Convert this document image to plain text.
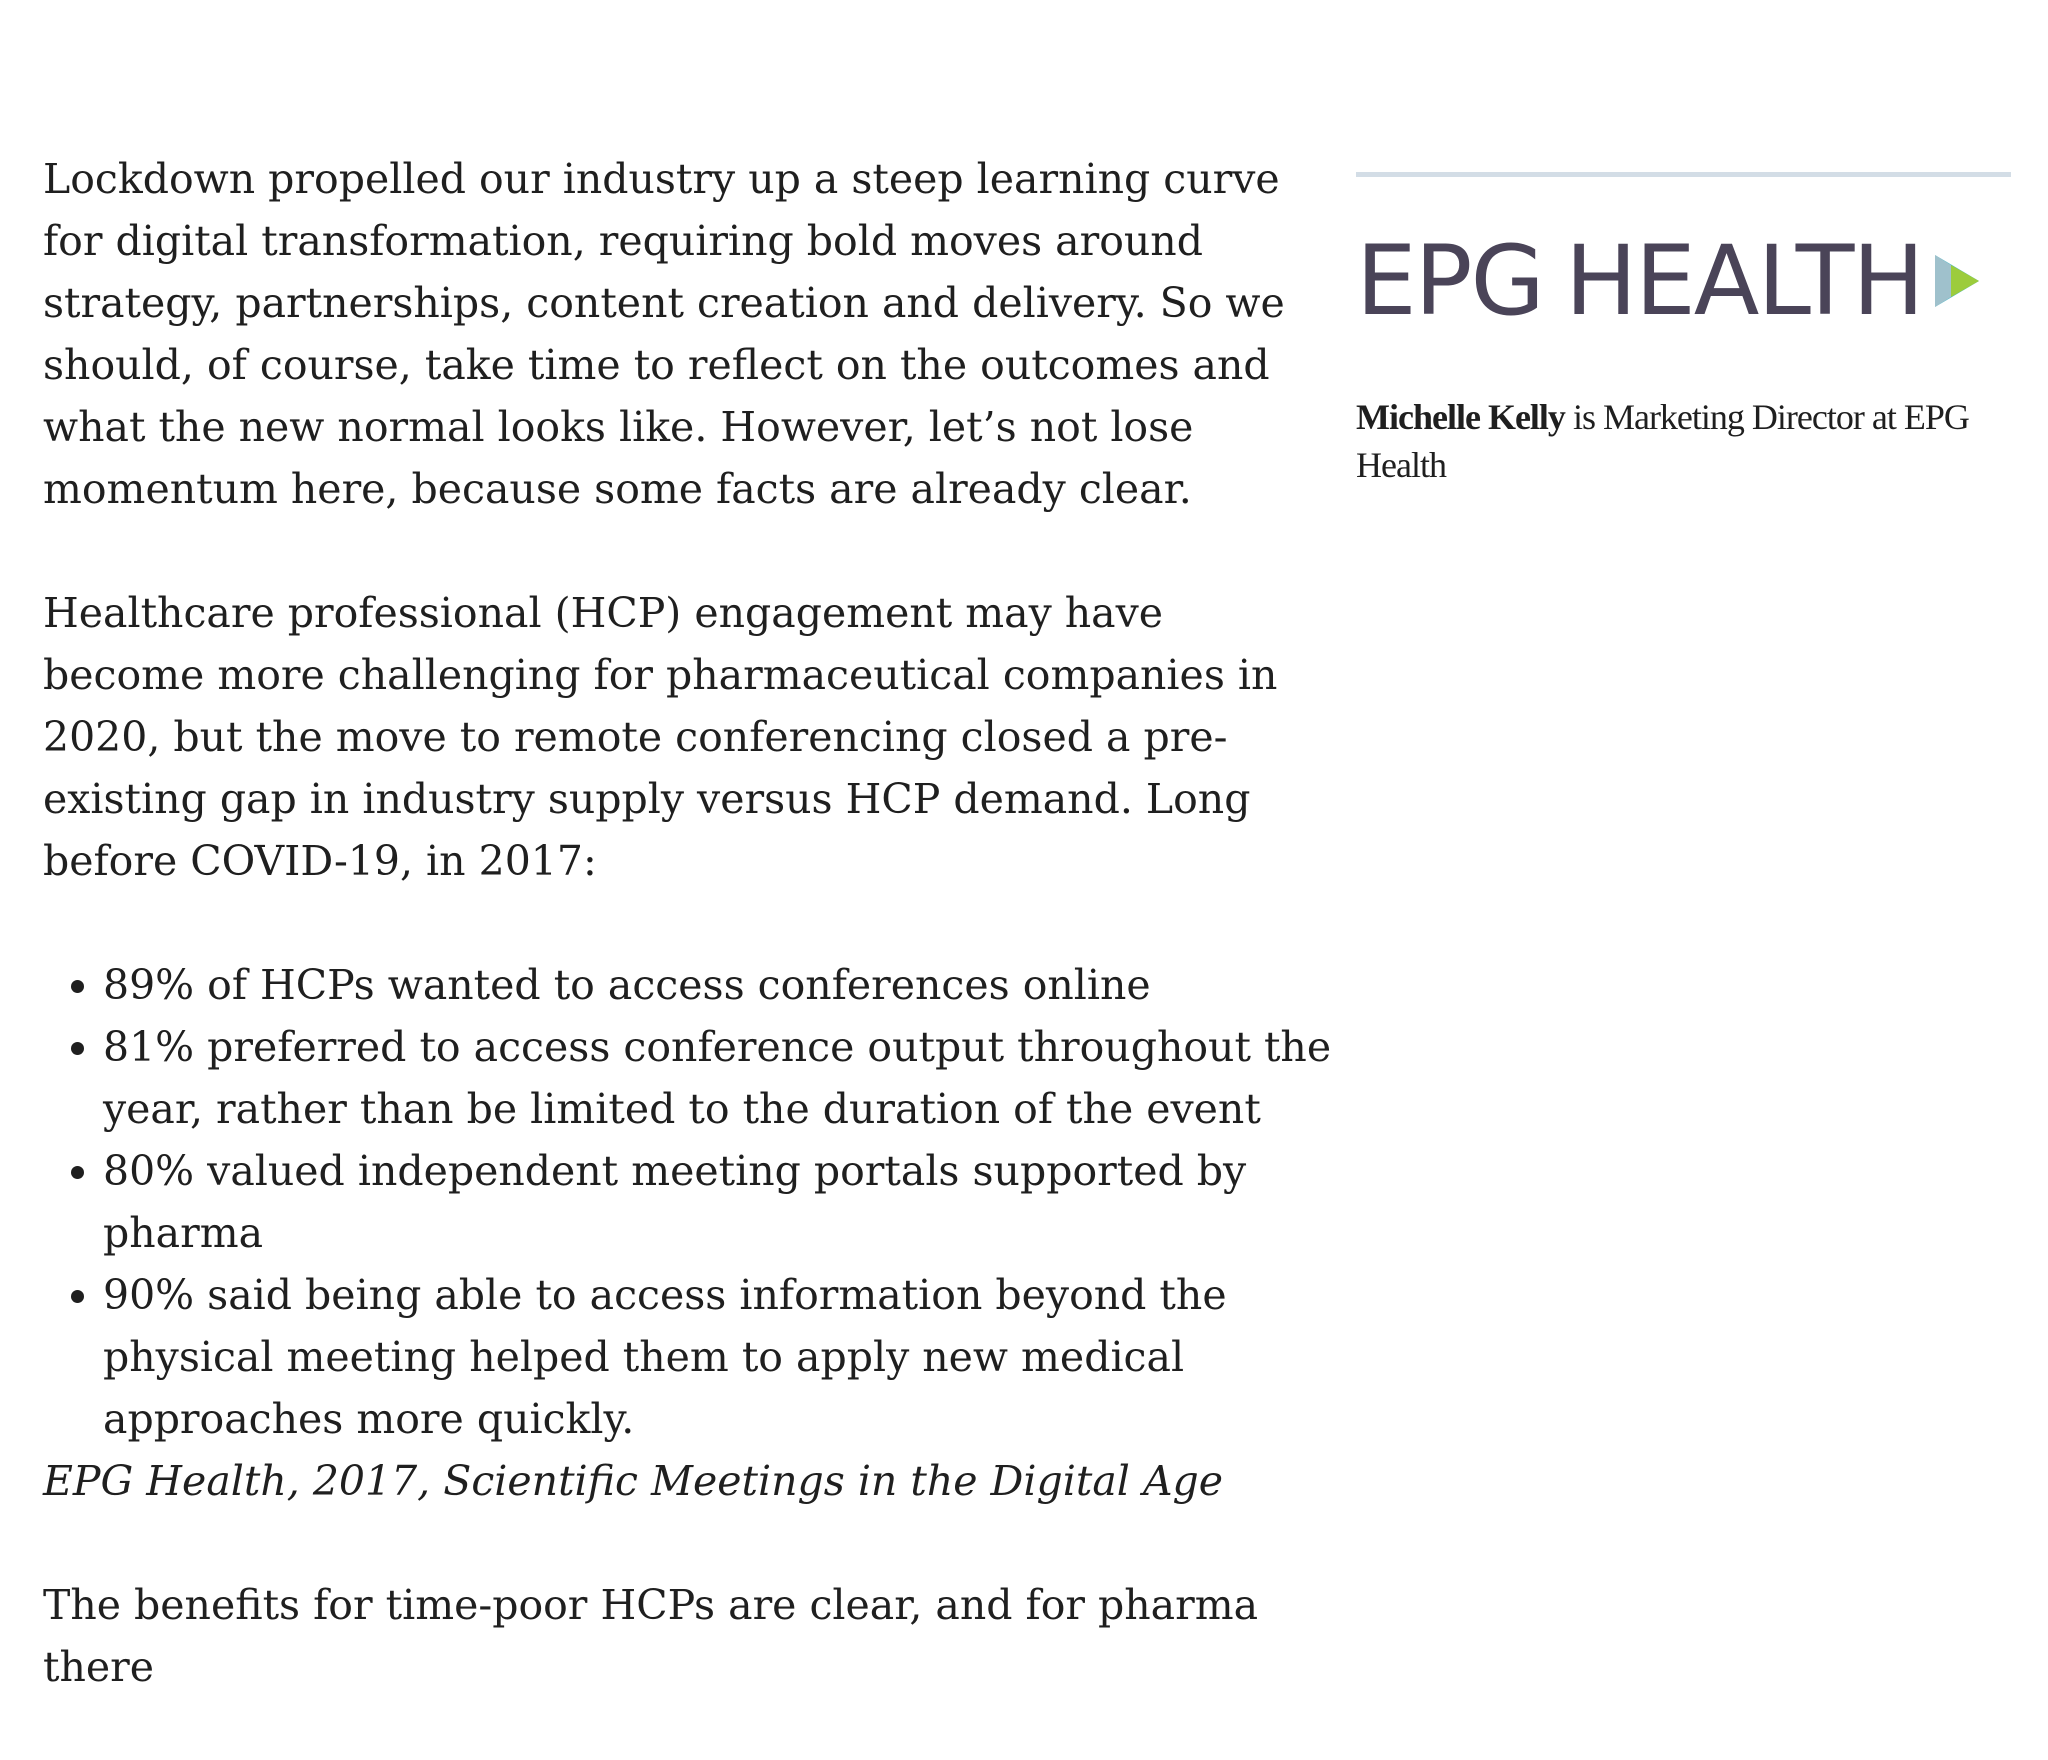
Lockdown propelled our industry up a steep learning curve for digital transformation, requiring bold moves around strategy, partnerships, content creation and delivery. So we should, of course, take time to reflect on the outcomes and what the new normal looks like. However, let’s not lose momentum here, because some facts are already clear.

Healthcare professional (HCP) engagement may have become more challenging for pharmaceutical companies in 2020, but the move to remote conferencing closed a pre-existing gap in industry supply versus HCP demand. Long before COVID-19, in 2017:

• 89% of HCPs wanted to access conferences online
• 81% preferred to access conference output throughout the year, rather than be limited to the duration of the event
• 80% valued independent meeting portals supported by pharma
• 90% said being able to access information beyond the physical meeting helped them to apply new medical approaches more quickly.
EPG Health, 2017, Scientific Meetings in the Digital Age

The benefits for time-poor HCPs are clear, and for pharma there

EPG HEALTH
Michelle Kelly is Marketing Director at EPG Health
